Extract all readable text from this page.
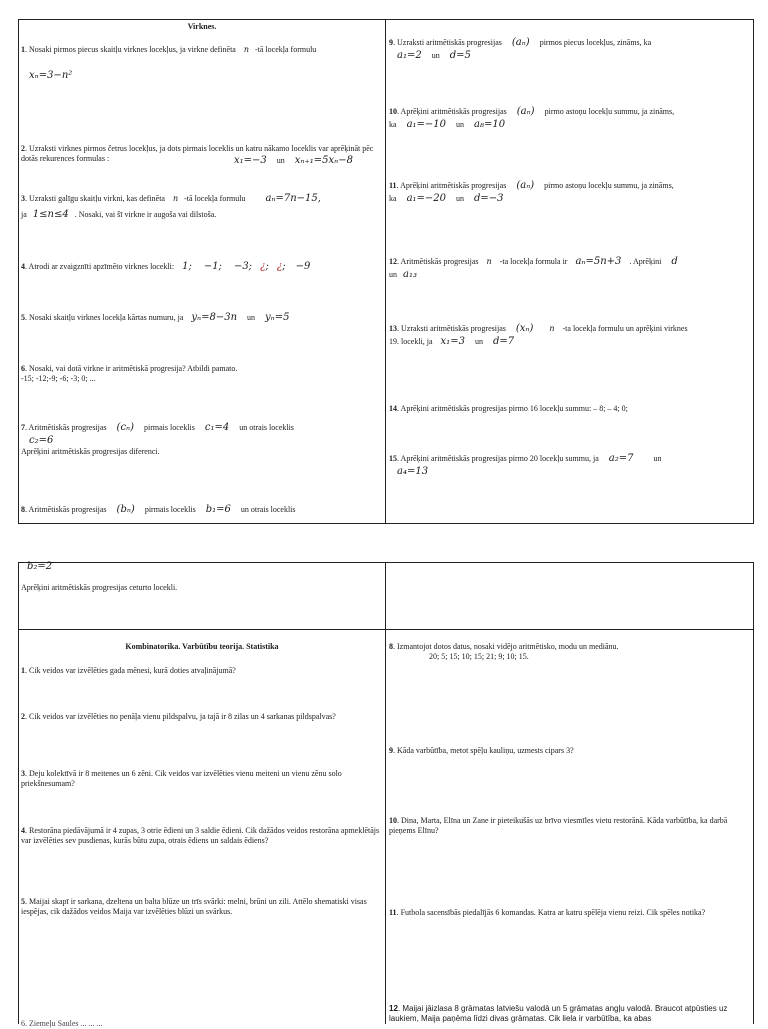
Virknes.
1. Nosaki pirmos piecus skaitļu virknes locekļus, ja virkne definēta n -tā locekļa formulu
xₙ=3−n²
2. Uzraksti virknes pirmos četrus locekļus, ja dots pirmais loceklis un katru nākamo loceklis var aprēķināt pēc dotās rekurences formulas :	x₁=−3 un xₙ₊₁=5xₙ−8
3. Uzraksti galīgu skaitļu virkni, kas definēta n -tā locekļa formulu aₙ=7n−15,
ja 1≤n≤4 . Nosaki, vai šī virkne ir augoša vai dilstoša.
4. Atrodi ar zvaigznīti apzīmēto virknes locekli: 1; −1; −3; ¿; ¿; −9
5. Nosaki skaitļu virknes locekļa kārtas numuru, ja yₙ=8−3n un yₙ=5
6. Nosaki, vai dotā virkne ir aritmētiskā progresija? Atbildi pamato.
-15; -12;-9; -6; -3; 0; ...
7. Aritmētiskās progresijas (cₙ) pirmais loceklis c₁=4 un otrais loceklis
c₂=6
Aprēķini aritmētiskās progresijas diferenci.
8. Aritmētiskās progresijas (bₙ) pirmais loceklis b₁=6 un otrais loceklis
9. Uzraksti aritmētiskās progresijas (aₙ) pirmos piecus locekļus, zināms, ka
a₁=2 un d=5
10. Aprēķini aritmētiskās progresijas (aₙ) pirmo astoņu locekļu summu, ja zināms,
ka a₁=−10 un a₈=10
11. Aprēķini aritmētiskās progresijas (aₙ) pirmo astoņu locekļu summu, ja zināms,
ka a₁=−20 un d=−3
12. Aritmētiskās progresijas n -ta locekļa formula ir aₙ=5n+3 . Aprēķini d
un a₁₃
13. Uzraksti aritmētiskās progresijas (xₙ) n -ta locekļa formulu un aprēķini virknes
19. locekli, ja x₁=3 un d=7
14. Aprēķini aritmētiskās progresijas pirmo 16 locekļu summu: – 8; – 4; 0;
15. Aprēķini aritmētiskās progresijas pirmo 20 locekļu summu, ja a₂=7	un
a₄=13
b₂=2
Aprēķini aritmētiskās progresijas ceturto locekli.
Kombinatorika. Varbūtību teorija. Statistika
1. Cik veidos var izvēlēties gada mēnesi, kurā doties atvaļinājumā?
2. Cik veidos var izvēlēties no penāļa vienu pildspalvu, ja tajā ir 8 zilas un 4 sarkanas pildspalvas?
3. Deju kolektīvā ir 8 meitenes un 6 zēni. Cik veidos var izvēlēties vienu meiteni un vienu zēnu solo priekšnesumam?
4. Restorāna piedāvājumā ir 4 zupas, 3 otrie ēdieni un 3 saldie ēdieni. Cik dažādos veidos restorāna apmeklētājs var izvēlēties sev pusdienas, kurās būtu zupa, otrais ēdiens un saldais ēdiens?
5. Maijai skapī ir sarkana, dzeltena un balta blūze un trīs svārki: melni, brūni un zili. Attēlo shematiski visas iespējas, cik dažādos veidos Maija var izvēlēties blūzi un svārkus.
6. Ziemeļu Saules ... ... ...
8. Izmantojot dotos datus, nosaki vidējo aritmētisko, modu un mediānu.
20; 5; 15; 10; 15; 21; 9; 10; 15.
9. Kāda varbūtība, metot spēļu kauliņu, uzmests cipars 3?
10. Dina, Marta, Elīna un Zane ir pieteikušās uz brīvo viesmīles vietu restorānā. Kāda varbūtība, ka darbā pieņems Elīnu?
11. Futbola sacensībās piedalījās 6 komandas. Katra ar katru spēlēja vienu reizi. Cik spēles notika?
12. Maijai jāizlasa 8 grāmatas latviešu valodā un 5 grāmatas angļu valodā. Braucot atpūsties uz laukiem, Maija paņēma līdzi divas grāmatas. Cik liela ir varbūtība, ka abas
